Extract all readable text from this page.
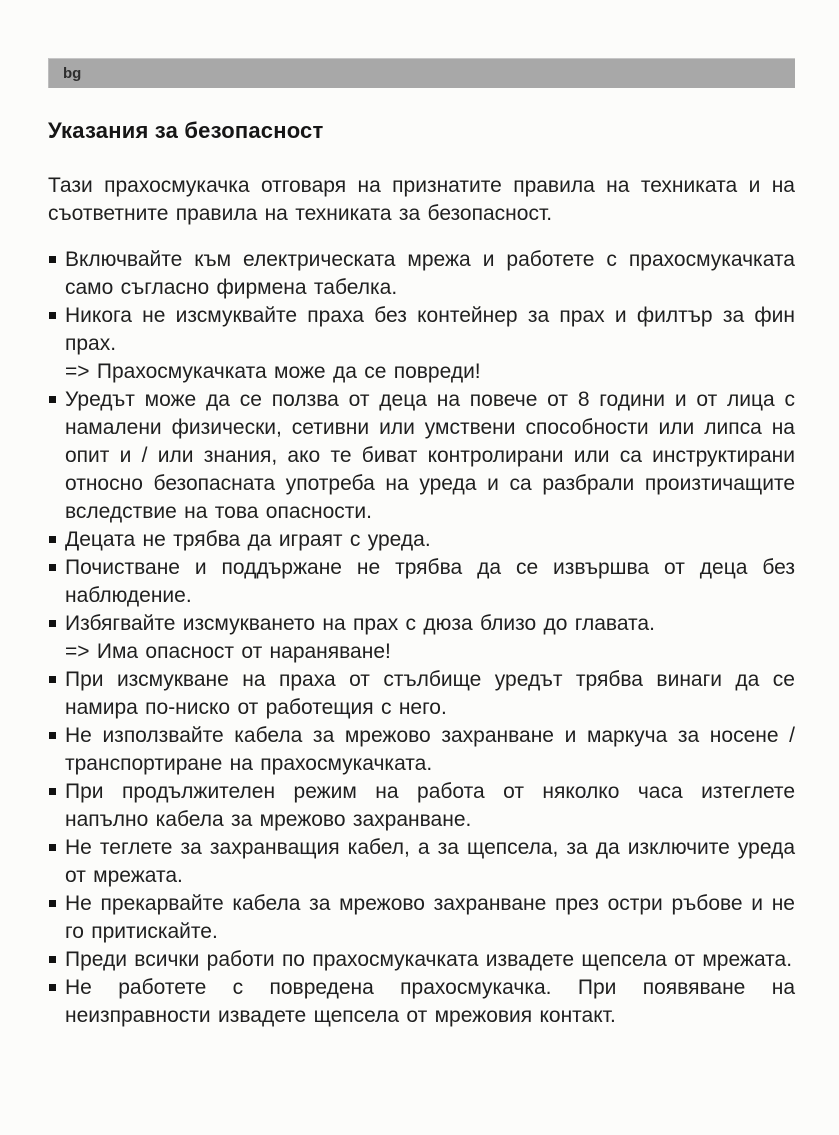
bg
Указания за безопасност

Тази прахосмукачка отговаря на признатите правила на техниката и на съответните правила на техниката за безопасност.

Включвайте към електрическата мрежа и работете с прахосмукачката само съгласно фирмена табелка.
Никога не изсмуквайте праха без контейнер за прах и филтър за фин прах.
=> Прахосмукачката може да се повреди!
Уредът може да се ползва от деца на повече от 8 години и от лица с намалени физически, сетивни или умствени способности или липса на опит и / или знания, ако те биват контролирани или са инструктирани относно безопасната употреба на уреда и са разбрали произтичащите вследствие на това опасности.
Децата не трябва да играят с уреда.
Почистване и поддържане не трябва да се извършва от деца без наблюдение.
Избягвайте изсмукването на прах с дюза близо до главата.
=> Има опасност от нараняване!
При изсмукване на праха от стълбище уредът трябва винаги да се намира по-ниско от работещия с него.
Не използвайте кабела за мрежово захранване и маркуча за носене / транспортиране на прахосмукачката.
При продължителен режим на работа от няколко часа изтеглете напълно кабела за мрежово захранване.
Не теглете за захранващия кабел, а за щепсела, за да изключите уреда от мрежата.
Не прекарвайте кабела за мрежово захранване през остри ръбове и не го притискайте.
Преди всички работи по прахосмукачката извадете щепсела от мрежата.
Не работете с повредена прахосмукачка. При появяване на неизправности извадете щепсела от мрежовия контакт.
